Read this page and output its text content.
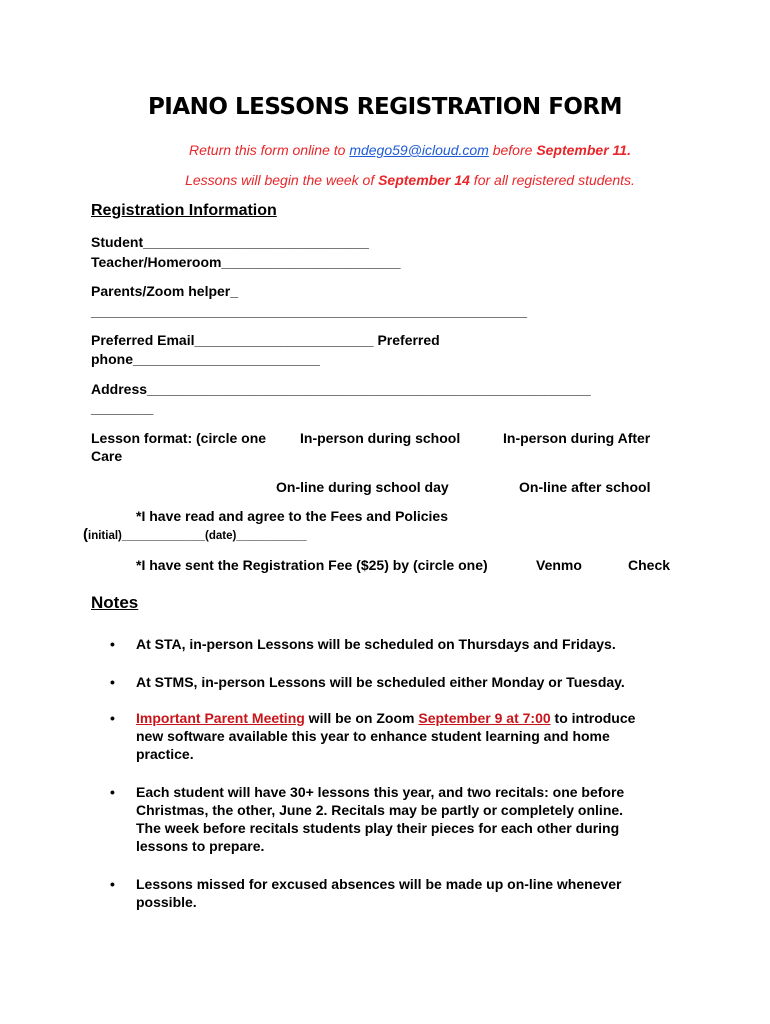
PIANO LESSONS REGISTRATION FORM
Return this form online to mdego59@icloud.com before September 11.
Lessons will begin the week of September 14 for all registered students.
Registration Information
Student_____________________________
Teacher/Homeroom_______________________
Parents/Zoom helper_
________________________________________________________
Preferred Email_______________________ Preferred
phone________________________
Address_________________________________________________________
________
Lesson format: (circle one
Care
In-person during school	In-person during After
On-line during school day	On-line after school
*I have read and agree to the Fees and Policies
(initial)_____________(date)___________
*I have sent the Registration Fee ($25) by (circle one)	Venmo	Check
Notes
• At STA, in-person Lessons will be scheduled on Thursdays and Fridays.
• At STMS, in-person Lessons will be scheduled either Monday or Tuesday.
• Important Parent Meeting will be on Zoom September 9 at 7:00 to introduce
new software available this year to enhance student learning and home
practice.
• Each student will have 30+ lessons this year, and two recitals: one before
Christmas, the other, June 2. Recitals may be partly or completely online.
The week before recitals students play their pieces for each other during
lessons to prepare.
• Lessons missed for excused absences will be made up on-line whenever
possible.
